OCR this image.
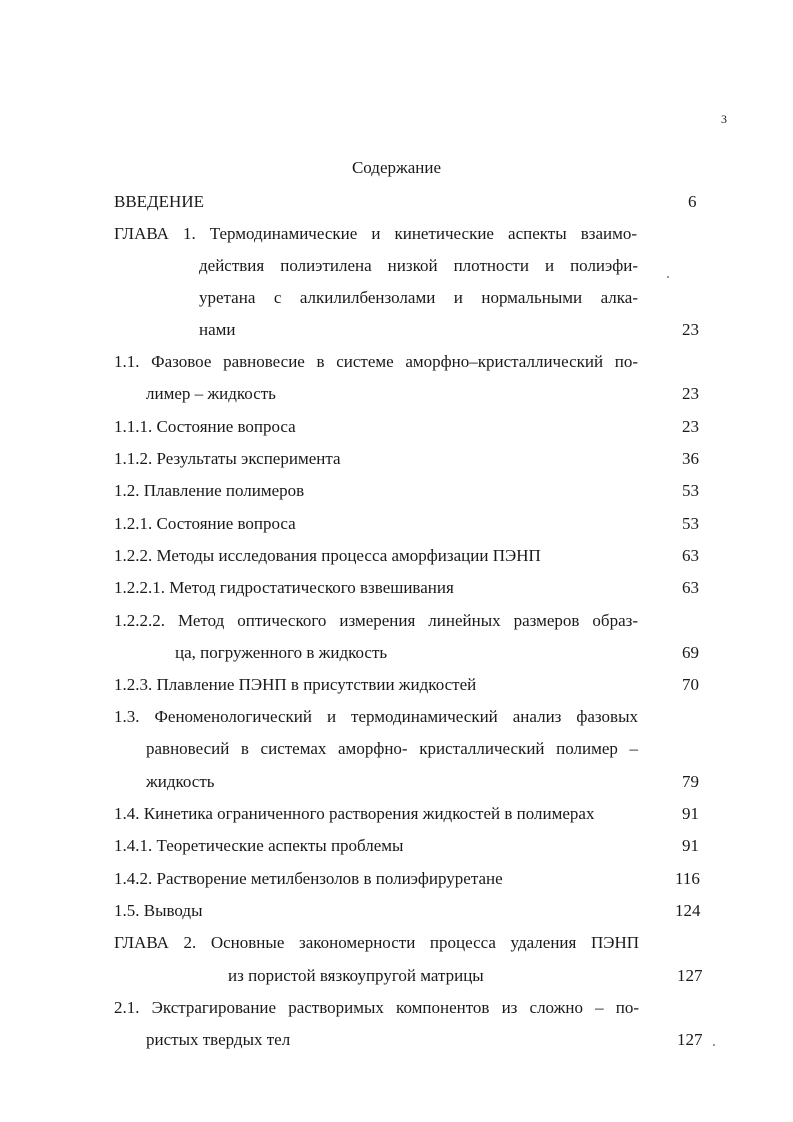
3
Содержание
ВВЕДЕНИЕ	6
ГЛАВА 1. Термодинамические и кинетические аспекты взаимо-
действия полиэтилена низкой плотности и полиэфи-
уретана с алкилилбензолами и нормальными алка-
нами	23
1.1. Фазовое равновесие в системе аморфно–кристаллический по-
лимер – жидкость	23
1.1.1. Состояние вопроса	23
1.1.2. Результаты эксперимента	36
1.2. Плавление полимеров	53
1.2.1. Состояние вопроса	53
1.2.2. Методы исследования процесса аморфизации ПЭНП	63
1.2.2.1. Метод гидростатического взвешивания	63
1.2.2.2. Метод оптического измерения линейных размеров образ-
ца, погруженного в жидкость	69
1.2.3. Плавление ПЭНП в присутствии жидкостей	70
1.3. Феноменологический и термодинамический анализ фазовых
равновесий в системах аморфно- кристаллический полимер –
жидкость	79
1.4. Кинетика ограниченного растворения жидкостей в полимерах	91
1.4.1. Теоретические аспекты проблемы	91
1.4.2. Растворение метилбензолов в полиэфируретане	116
1.5. Выводы	124
ГЛАВА 2. Основные закономерности процесса удаления ПЭНП
из пористой вязкоупругой матрицы	127
2.1. Экстрагирование растворимых компонентов из сложно – по-
ристых твердых тел	127
